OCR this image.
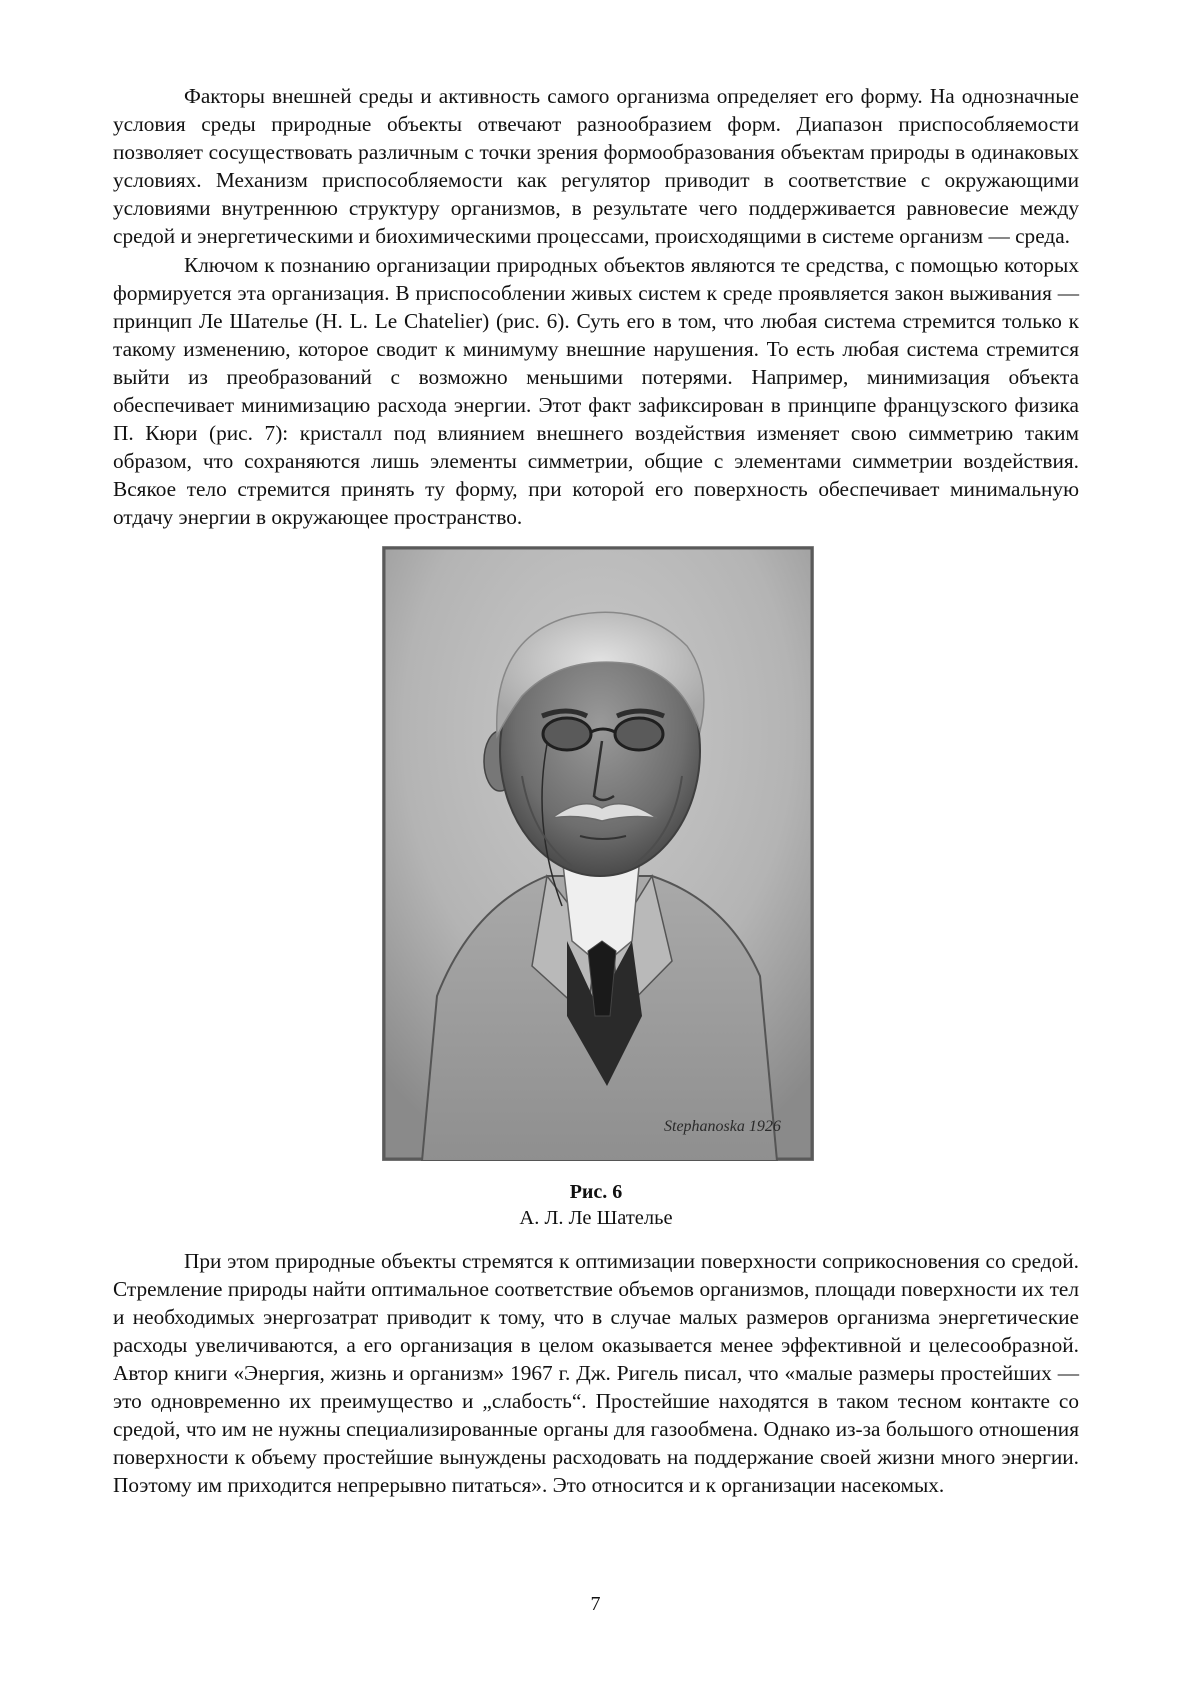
Факторы внешней среды и активность самого организма определяет его форму. На однозначные условия среды природные объекты отвечают разнообразием форм. Диапазон приспособляемости позволяет сосуществовать различным с точки зрения формообразования объектам природы в одинаковых условиях. Механизм приспособляемости как регулятор приводит в соответствие с окружающими условиями внутреннюю структуру организмов, в результате чего поддерживается равновесие между средой и энергетическими и биохимическими процессами, происходящими в системе организм — среда.

Ключом к познанию организации природных объектов являются те средства, с помощью которых формируется эта организация. В приспособлении живых систем к среде проявляется закон выживания — принцип Ле Шателье (H. L. Le Chatelier) (рис. 6). Суть его в том, что любая система стремится только к такому изменению, которое сводит к минимуму внешние нарушения. То есть любая система стремится выйти из преобразований с возможно меньшими потерями. Например, минимизация объекта обеспечивает минимизацию расхода энергии. Этот факт зафиксирован в принципе французского физика П. Кюри (рис. 7): кристалл под влиянием внешнего воздействия изменяет свою симметрию таким образом, что сохраняются лишь элементы симметрии, общие с элементами симметрии воздействия. Всякое тело стремится принять ту форму, при которой его поверхность обеспечивает минимальную отдачу энергии в окружающее пространство.

Stephanoska 1926
Рис. 6
А. Л. Ле Шателье

При этом природные объекты стремятся к оптимизации поверхности соприкосновения со средой. Стремление природы найти оптимальное соответствие объемов организмов, площади поверхности их тел и необходимых энергозатрат приводит к тому, что в случае малых размеров организма энергетические расходы увеличиваются, а его организация в целом оказывается менее эффективной и целесообразной. Автор книги «Энергия, жизнь и организм» 1967 г. Дж. Ригель писал, что «малые размеры простейших — это одновременно их преимущество и „слабость“. Простейшие находятся в таком тесном контакте со средой, что им не нужны специализированные органы для газообмена. Однако из-за большого отношения поверхности к объему простейшие вынуждены расходовать на поддержание своей жизни много энергии. Поэтому им приходится непрерывно питаться». Это относится и к организации насекомых.

7
